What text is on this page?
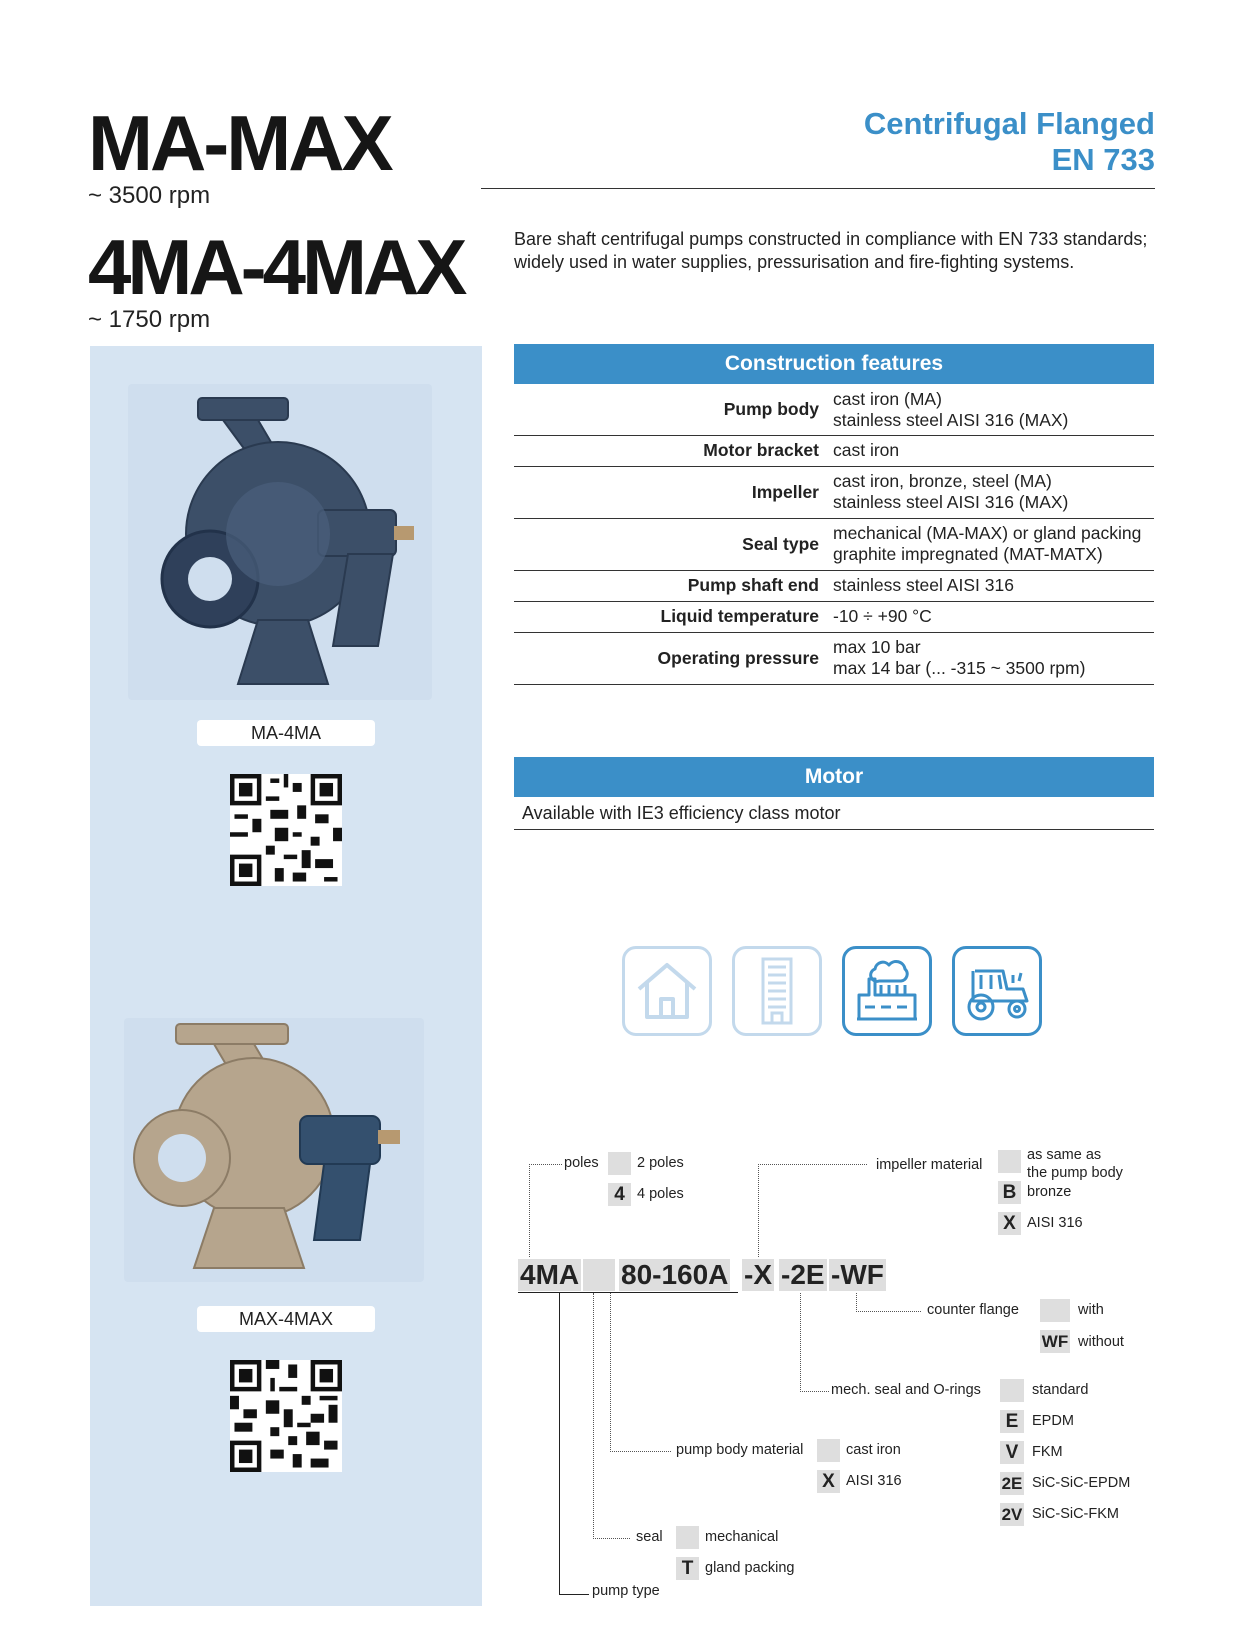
MA-MAX
~ 3500 rpm
4MA-4MAX
~ 1750 rpm
Centrifugal Flanged
EN 733
Bare shaft centrifugal pumps constructed in compliance with EN 733 standards; widely used in water supplies, pressurisation and fire-fighting systems.
MA-4MA
MAX-4MAX
Construction features
Pump body	cast iron (MA)
stainless steel AISI 316 (MAX)

Motor bracket	cast iron

Impeller	cast iron, bronze, steel (MA)
stainless steel AISI 316 (MAX)

Seal type	mechanical (MA-MAX) or gland packing
graphite impregnated (MAT-MATX)

Pump shaft end	stainless steel AISI 316

Liquid temperature	-10 ÷ +90 °C

Operating pressure	max 10 bar
max 14 bar (... -315 ~ 3500 rpm)
Motor
Available with IE3 efficiency class motor
4MA 80-160A -X -2E -WF
poles	2 poles
4 4 poles
impeller material
as same as
the pump body
B bronze
X AISI 316
counter flange	with
WF without
mech. seal and O-rings	standard
E EPDM
V FKM
2E SiC-SiC-EPDM
2V SiC-SiC-FKM
pump body material	cast iron
X AISI 316
seal	mechanical
T gland packing
pump type
